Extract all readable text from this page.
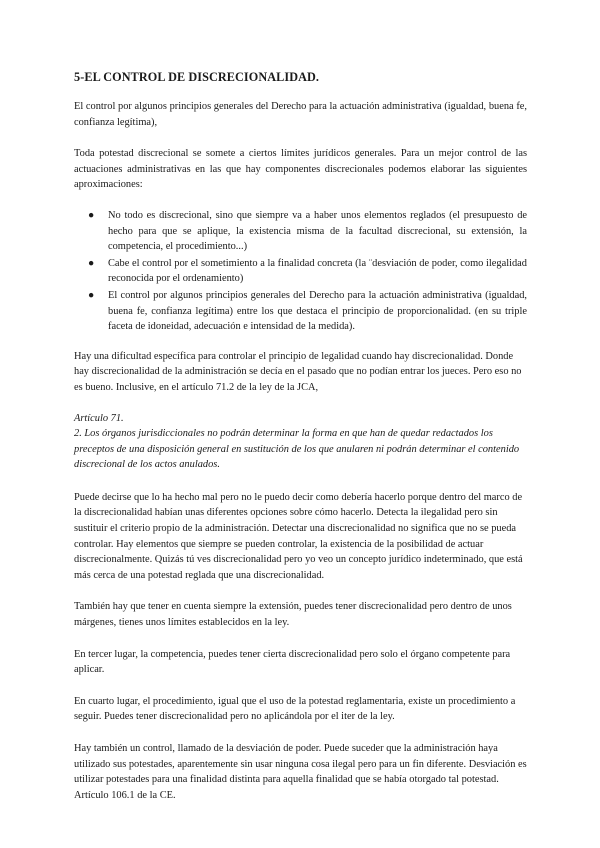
5-EL CONTROL DE DISCRECIONALIDAD.

El control por algunos principios generales del Derecho para la actuación administrativa (igualdad, buena fe, confianza legítima),

Toda potestad discrecional se somete a ciertos límites jurídicos generales. Para un mejor control de las actuaciones administrativas en las que hay componentes discrecionales podemos elaborar las siguientes aproximaciones:

● No todo es discrecional, sino que siempre va a haber unos elementos reglados (el presupuesto de hecho para que se aplique, la existencia misma de la facultad discrecional, su extensión, la competencia, el procedimiento...)
● Cabe el control por el sometimiento a la finalidad concreta (la ¨desviación de poder, como ilegalidad reconocida por el ordenamiento)
● El control por algunos principios generales del Derecho para la actuación administrativa (igualdad, buena fe, confianza legítima) entre los que destaca el principio de proporcionalidad. (en su triple faceta de idoneidad, adecuación e intensidad de la medida).

Hay una dificultad específica para controlar el principio de legalidad cuando hay discrecionalidad. Donde hay discrecionalidad de la administración se decía en el pasado que no podían entrar los jueces. Pero eso no es bueno. Inclusive, en el artículo 71.2 de la ley de la JCA,

Artículo 71.

2. Los órganos jurisdiccionales no podrán determinar la forma en que han de quedar redactados los preceptos de una disposición general en sustitución de los que anularen ni podrán determinar el contenido discrecional de los actos anulados.

Puede decirse que lo ha hecho mal pero no le puedo decir como debería hacerlo porque dentro del marco de la discrecionalidad habían unas diferentes opciones sobre cómo hacerlo. Detecta la ilegalidad pero sin sustituir el criterio propio de la administración. Detectar una discrecionalidad no significa que no se pueda controlar. Hay elementos que siempre se pueden controlar, la existencia de la posibilidad de actuar discrecionalmente. Quizás tú ves discrecionalidad pero yo veo un concepto jurídico indeterminado, que está más cerca de una potestad reglada que una discrecionalidad.

También hay que tener en cuenta siempre la extensión, puedes tener discrecionalidad pero dentro de unos márgenes, tienes unos límites establecidos en la ley.

En tercer lugar, la competencia, puedes tener cierta discrecionalidad pero solo el órgano competente para aplicar.

En cuarto lugar, el procedimiento, igual que el uso de la potestad reglamentaria, existe un procedimiento a seguir. Puedes tener discrecionalidad pero no aplicándola por el iter de la ley.

Hay también un control, llamado de la desviación de poder. Puede suceder que la administración haya utilizado sus potestades, aparentemente sin usar ninguna cosa ilegal pero para un fin diferente. Desviación es utilizar potestades para una finalidad distinta para aquella finalidad que se había otorgado tal potestad. Artículo 106.1 de la CE.
